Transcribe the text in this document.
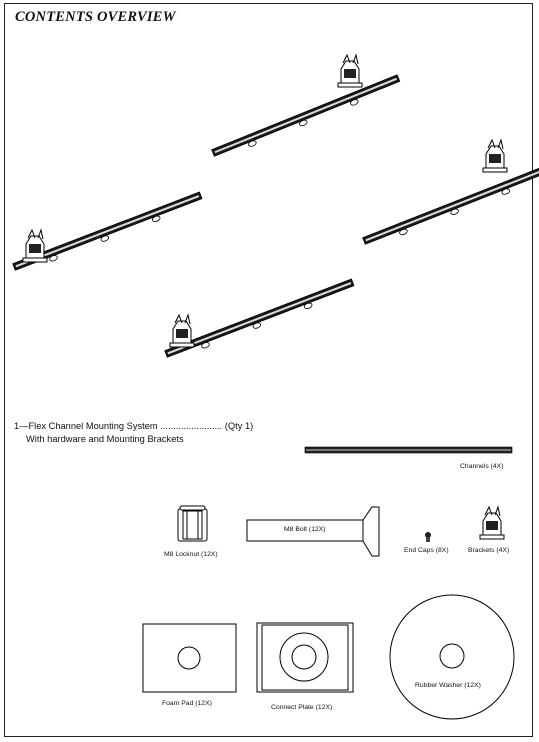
CONTENTS OVERVIEW
1—Flex Channel Mounting System ........................ (Qty 1)
With hardware and Mounting Brackets
Channels (4X)
M8 Locknut (12X)
M8 Bolt (12X)
End Caps (8X)	Brackets (4X)
Foam Pad (12X)
Connect Plate (12X)
Rubber Washer (12X)
